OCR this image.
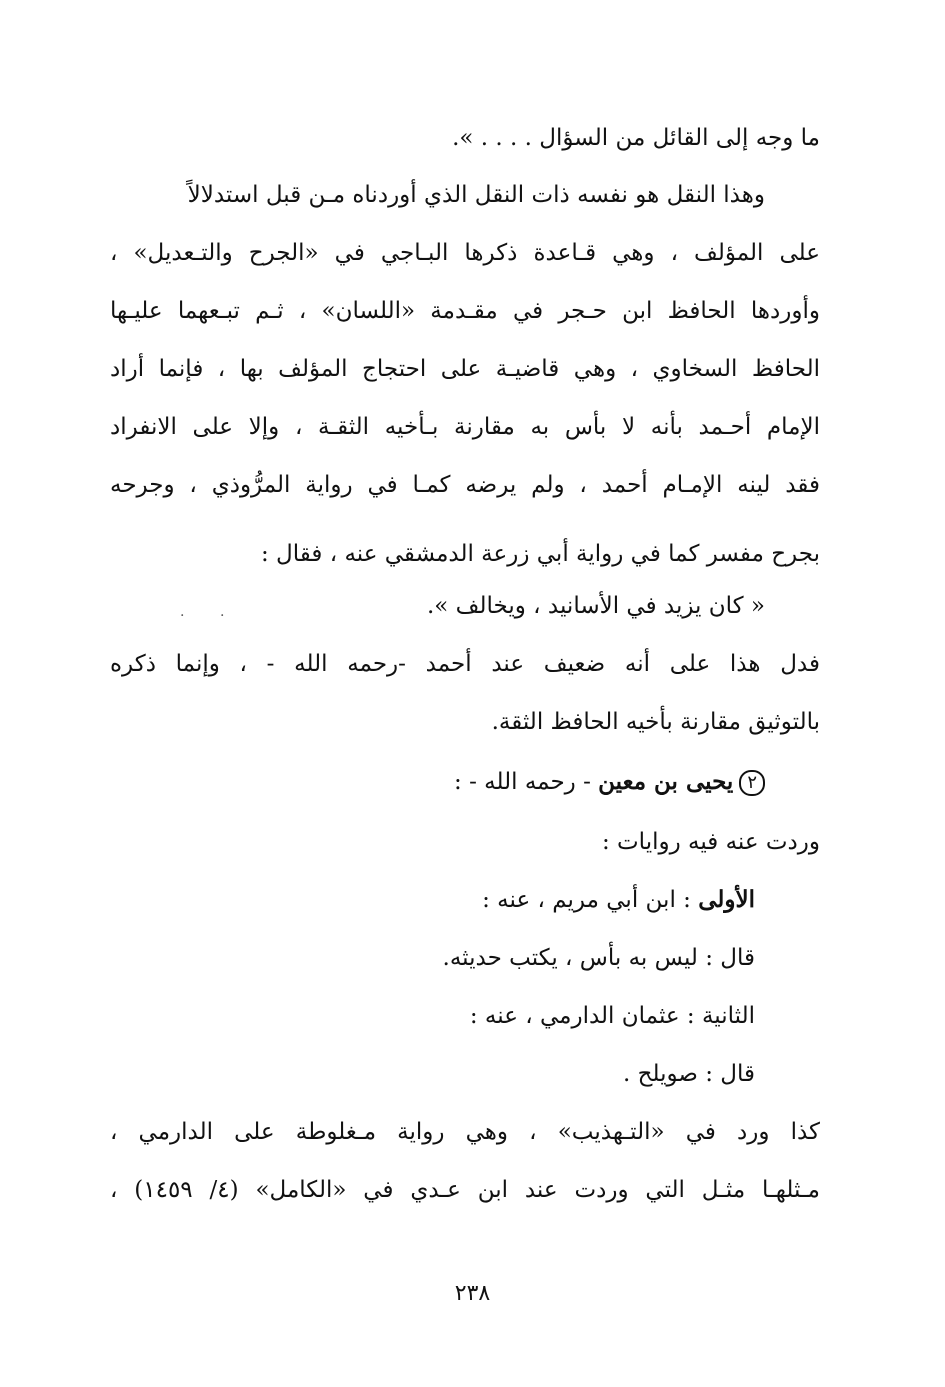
ما وجه إلى القائل من السؤال . . . . ».
وهذا النقل هو نفسه ذات النقل الذي أوردناه مـن قبل استدلالاً
على المؤلف ، وهي قـاعدة ذكرها البـاجي في «الجرح والتـعديل» ،
وأوردها الحافظ ابن حـجر في مقـدمة «اللسان» ، ثـم تبـعهما عليـها
الحافظ السخاوي ، وهي قاضيـة على احتجاج المؤلف بها ، فإنما أراد
الإمام أحـمد بأنه لا بأس به مقارنة بـأخيه الثقـة ، وإلا على الانفراد
فقد لينه الإمـام أحمد ، ولم يرضه كمـا في رواية المرُّوذي ، وجرحه
بجرح مفسر كما في رواية أبي زرعة الدمشقي عنه ، فقال :
« كان يزيد في الأسانيد ، ويخالف ».
فدل هذا على أنه ضعيف عند أحمد -رحمه الله - ، وإنما ذكره
بالتوثيق مقارنة بأخيه الحافظ الثقة.
٢يحيى بن معين - رحمه الله - :
وردت عنه فيه روايات :
الأولى : ابن أبي مريم ، عنه :
قال : ليس به بأس ، يكتب حديثه.
الثانية : عثمان الدارمي ، عنه :
قال : صويلح .
كذا ورد في «التـهذيب» ، وهي رواية مـغلوطة على الدارمي ،
مـثلهـا مثـل التي وردت عند ابن عـدي في «الكامل» (٤/ ١٤٥٩) ،
٢٣٨
.	.
